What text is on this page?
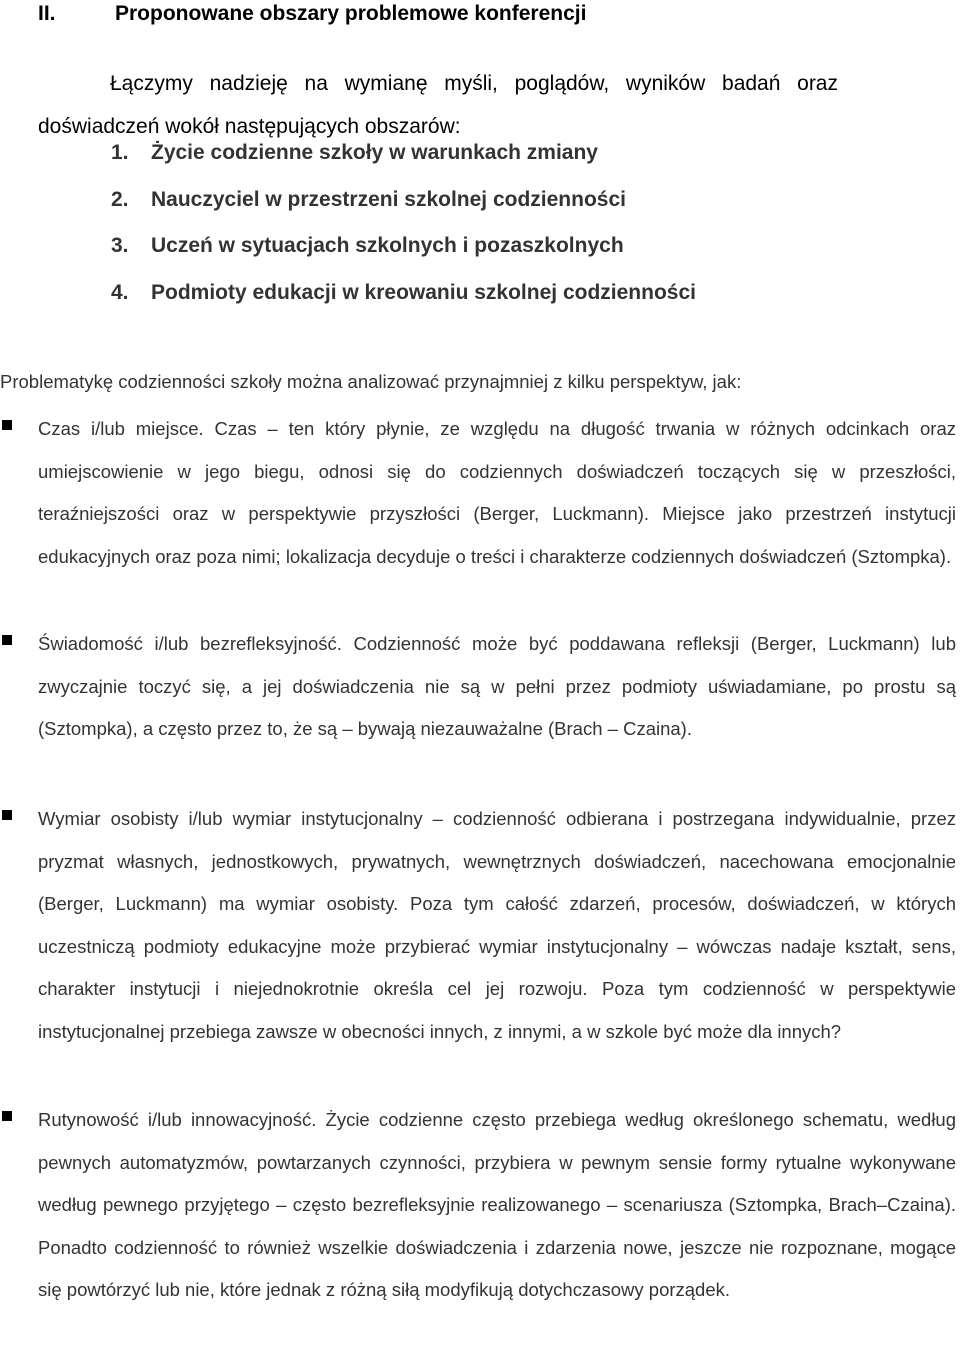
II.	Proponowane obszary problemowe konferencji

Łączymy nadzieję na wymianę myśli, poglądów, wyników badań oraz doświadczeń wokół następujących obszarów:

1. Życie codzienne szkoły w warunkach zmiany
2. Nauczyciel w przestrzeni szkolnej codzienności
3. Uczeń w sytuacjach szkolnych i pozaszkolnych
4. Podmioty edukacji w kreowaniu szkolnej codzienności
Problematykę codzienności szkoły można analizować przynajmniej z kilku perspektyw, jak:

Czas i/lub miejsce. Czas – ten który płynie, ze względu na długość trwania w różnych odcinkach oraz umiejscowienie w jego biegu, odnosi się do codziennych doświadczeń toczących się w przeszłości, teraźniejszości oraz w perspektywie przyszłości (Berger, Luckmann). Miejsce jako przestrzeń instytucji edukacyjnych oraz poza nimi; lokalizacja decyduje o treści i charakterze codziennych doświadczeń (Sztompka).

Świadomość i/lub bezrefleksyjność. Codzienność może być poddawana refleksji (Berger, Luckmann) lub zwyczajnie toczyć się, a jej doświadczenia nie są w pełni przez podmioty uświadamiane, po prostu są (Sztompka), a często przez to, że są – bywają niezauważalne (Brach – Czaina).

Wymiar osobisty i/lub wymiar instytucjonalny – codzienność odbierana i postrzegana indywidualnie, przez pryzmat własnych, jednostkowych, prywatnych, wewnętrznych doświadczeń, nacechowana emocjonalnie (Berger, Luckmann) ma wymiar osobisty. Poza tym całość zdarzeń, procesów, doświadczeń, w których uczestniczą podmioty edukacyjne może przybierać wymiar instytucjonalny – wówczas nadaje kształt, sens, charakter instytucji i niejednokrotnie określa cel jej rozwoju. Poza tym codzienność w perspektywie instytucjonalnej przebiega zawsze w obecności innych, z innymi, a w szkole być może dla innych?

Rutynowość i/lub innowacyjność. Życie codzienne często przebiega według określonego schematu, według pewnych automatyzmów, powtarzanych czynności, przybiera w pewnym sensie formy rytualne wykonywane według pewnego przyjętego – często bezrefleksyjnie realizowanego – scenariusza (Sztompka, Brach–Czaina). Ponadto codzienność to również wszelkie doświadczenia i zdarzenia nowe, jeszcze nie rozpoznane, mogące się powtórzyć lub nie, które jednak z różną siłą modyfikują dotychczasowy porządek.
